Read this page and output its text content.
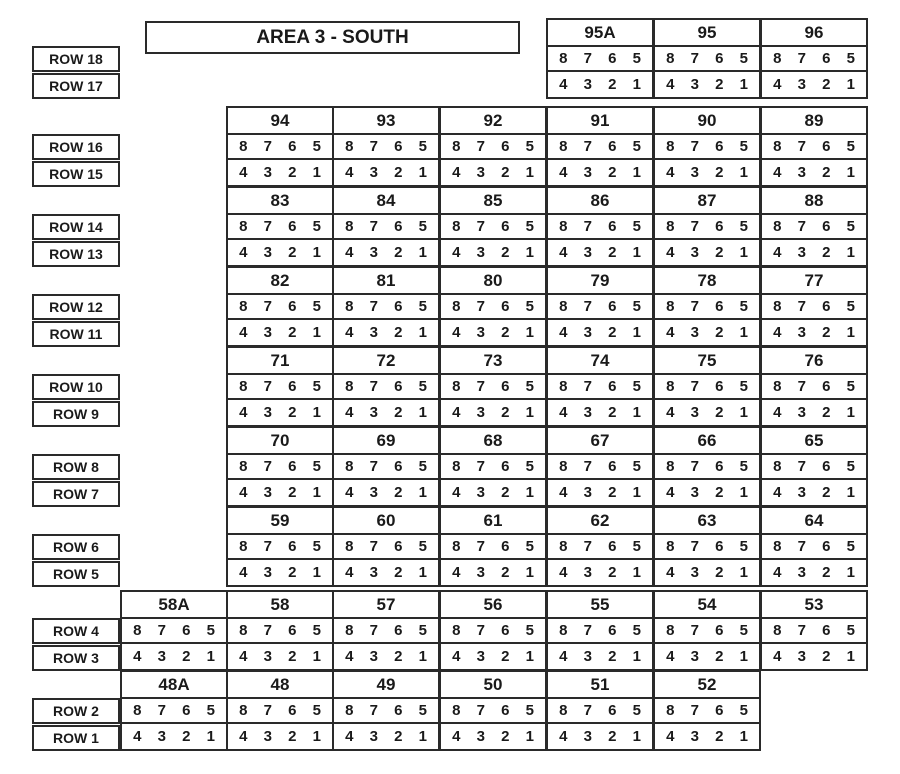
AREA 3 - SOUTH
ROW 18
ROW 17
ROW 16
ROW 15
ROW 14
ROW 13
ROW 12
ROW 11
ROW 10
ROW 9
ROW 8
ROW 7
ROW 6
ROW 5
ROW 4
ROW 3
ROW 2
ROW 1
95A
8	7	6	5
4	3	2	1
95
8	7	6	5
4	3	2	1
96
8	7	6	5
4	3	2	1
94
8	7	6	5
4	3	2	1
93
8	7	6	5
4	3	2	1
92
8	7	6	5
4	3	2	1
91
8	7	6	5
4	3	2	1
90
8	7	6	5
4	3	2	1
89
8	7	6	5
4	3	2	1
83
8	7	6	5
4	3	2	1
84
8	7	6	5
4	3	2	1
85
8	7	6	5
4	3	2	1
86
8	7	6	5
4	3	2	1
87
8	7	6	5
4	3	2	1
88
8	7	6	5
4	3	2	1
82
8	7	6	5
4	3	2	1
81
8	7	6	5
4	3	2	1
80
8	7	6	5
4	3	2	1
79
8	7	6	5
4	3	2	1
78
8	7	6	5
4	3	2	1
77
8	7	6	5
4	3	2	1
71
8	7	6	5
4	3	2	1
72
8	7	6	5
4	3	2	1
73
8	7	6	5
4	3	2	1
74
8	7	6	5
4	3	2	1
75
8	7	6	5
4	3	2	1
76
8	7	6	5
4	3	2	1
70
8	7	6	5
4	3	2	1
69
8	7	6	5
4	3	2	1
68
8	7	6	5
4	3	2	1
67
8	7	6	5
4	3	2	1
66
8	7	6	5
4	3	2	1
65
8	7	6	5
4	3	2	1
59
8	7	6	5
4	3	2	1
60
8	7	6	5
4	3	2	1
61
8	7	6	5
4	3	2	1
62
8	7	6	5
4	3	2	1
63
8	7	6	5
4	3	2	1
64
8	7	6	5
4	3	2	1
58A
8	7	6	5
4	3	2	1
58
8	7	6	5
4	3	2	1
57
8	7	6	5
4	3	2	1
56
8	7	6	5
4	3	2	1
55
8	7	6	5
4	3	2	1
54
8	7	6	5
4	3	2	1
53
8	7	6	5
4	3	2	1
48A
8	7	6	5
4	3	2	1
48
8	7	6	5
4	3	2	1
49
8	7	6	5
4	3	2	1
50
8	7	6	5
4	3	2	1
51
8	7	6	5
4	3	2	1
52
8	7	6	5
4	3	2	1
